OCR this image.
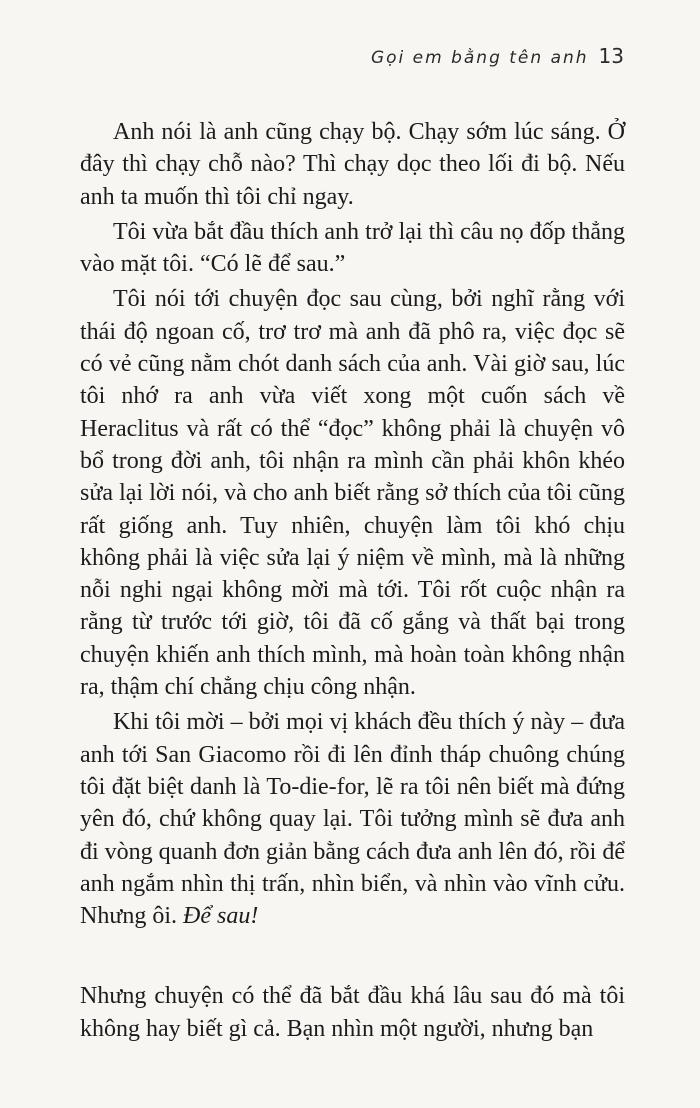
Gọi em bằng tên anh 13

Anh nói là anh cũng chạy bộ. Chạy sớm lúc sáng. Ở đây thì chạy chỗ nào? Thì chạy dọc theo lối đi bộ. Nếu anh ta muốn thì tôi chỉ ngay.

Tôi vừa bắt đầu thích anh trở lại thì câu nọ đốp thẳng vào mặt tôi. “Có lẽ để sau.”

Tôi nói tới chuyện đọc sau cùng, bởi nghĩ rằng với thái độ ngoan cố, trơ trơ mà anh đã phô ra, việc đọc sẽ có vẻ cũng nằm chót danh sách của anh. Vài giờ sau, lúc tôi nhớ ra anh vừa viết xong một cuốn sách về Heraclitus và rất có thể “đọc” không phải là chuyện vô bổ trong đời anh, tôi nhận ra mình cần phải khôn khéo sửa lại lời nói, và cho anh biết rằng sở thích của tôi cũng rất giống anh. Tuy nhiên, chuyện làm tôi khó chịu không phải là việc sửa lại ý niệm về mình, mà là những nỗi nghi ngại không mời mà tới. Tôi rốt cuộc nhận ra rằng từ trước tới giờ, tôi đã cố gắng và thất bại trong chuyện khiến anh thích mình, mà hoàn toàn không nhận ra, thậm chí chẳng chịu công nhận.

Khi tôi mời – bởi mọi vị khách đều thích ý này – đưa anh tới San Giacomo rồi đi lên đỉnh tháp chuông chúng tôi đặt biệt danh là To-die-for, lẽ ra tôi nên biết mà đứng yên đó, chứ không quay lại. Tôi tưởng mình sẽ đưa anh đi vòng quanh đơn giản bằng cách đưa anh lên đó, rồi để anh ngắm nhìn thị trấn, nhìn biển, và nhìn vào vĩnh cửu. Nhưng ôi. Để sau!

Nhưng chuyện có thể đã bắt đầu khá lâu sau đó mà tôi không hay biết gì cả. Bạn nhìn một người, nhưng bạn
